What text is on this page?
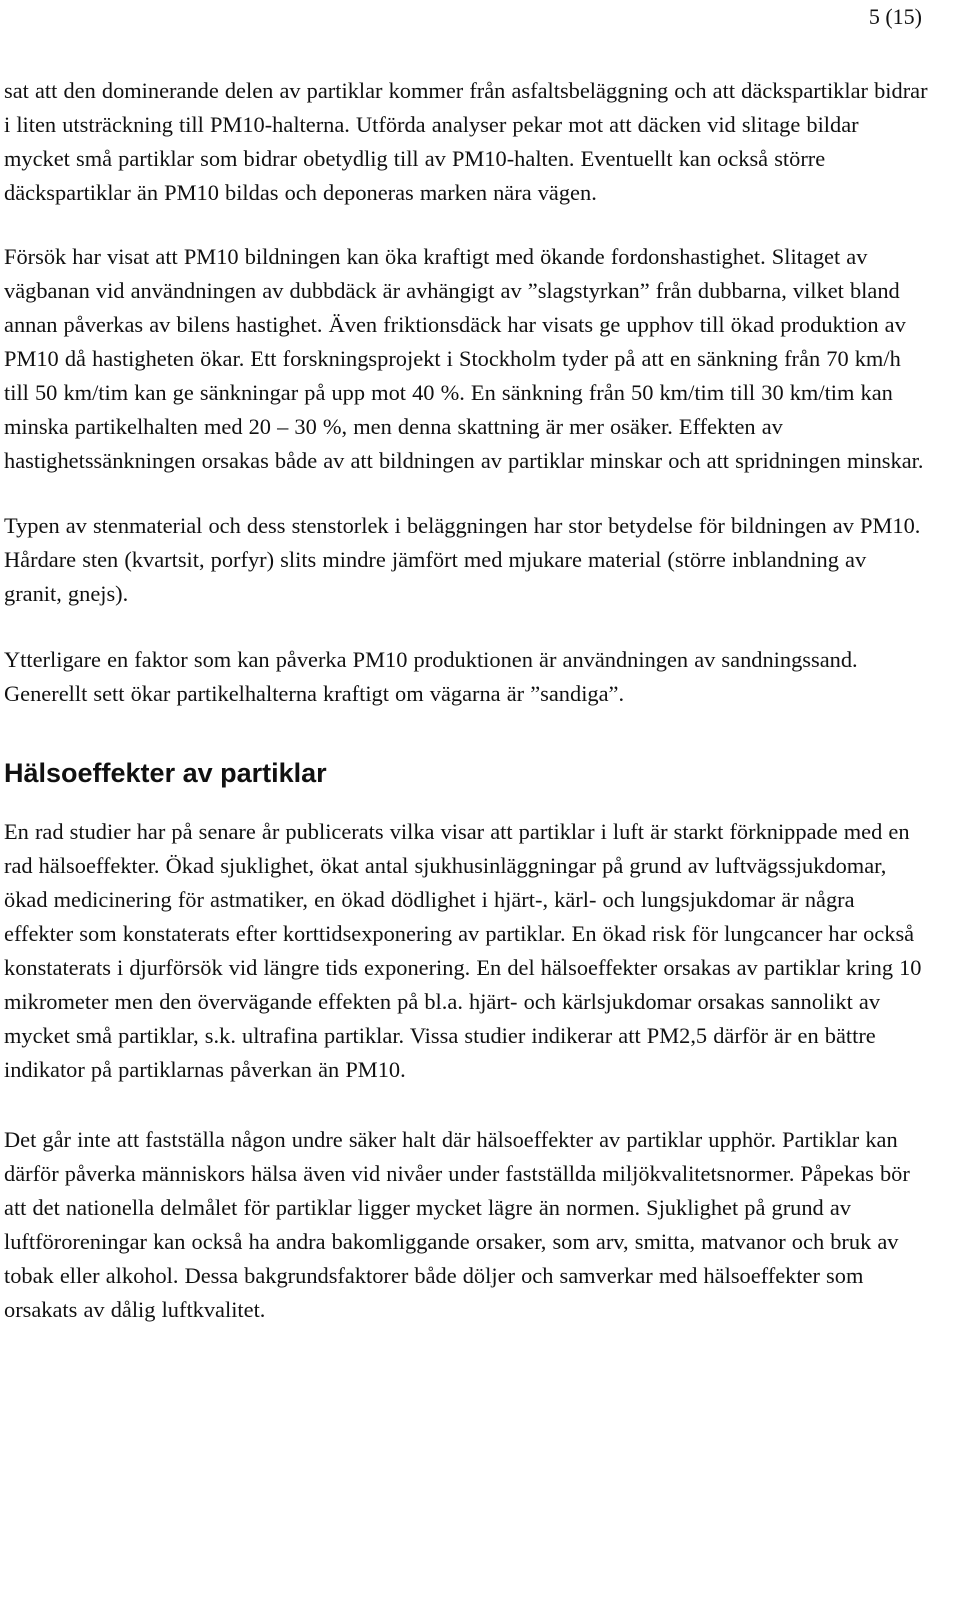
5 (15)

sat att den dominerande delen av partiklar kommer från asfaltsbeläggning och att däckspartiklar bidrar i liten utsträckning till PM10-halterna. Utförda analyser pekar mot att däcken vid slitage bildar mycket små partiklar som bidrar obetydlig till av PM10-halten. Eventuellt kan också större däckspartiklar än PM10 bildas och deponeras marken nära vägen.

Försök har visat att PM10 bildningen kan öka kraftigt med ökande fordonshastighet. Slitaget av vägbanan vid användningen av dubbdäck är avhängigt av ”slagstyrkan” från dubbarna, vilket bland annan påverkas av bilens hastighet. Även friktionsdäck har visats ge upphov till ökad produktion av PM10 då hastigheten ökar. Ett forskningsprojekt i Stockholm tyder på att en sänkning från 70 km/h till 50 km/tim kan ge sänkningar på upp mot 40 %. En sänkning från 50 km/tim till 30 km/tim kan minska partikelhalten med 20 – 30 %, men denna skattning är mer osäker. Effekten av hastighetssänkningen orsakas både av att bildningen av partiklar minskar och att spridningen minskar.

Typen av stenmaterial och dess stenstorlek i beläggningen har stor betydelse för bildningen av PM10. Hårdare sten (kvartsit, porfyr) slits mindre jämfört med mjukare material (större inblandning av granit, gnejs).

Ytterligare en faktor som kan påverka PM10 produktionen är användningen av sandningssand. Generellt sett ökar partikelhalterna kraftigt om vägarna är ”sandiga”.

Hälsoeffekter av partiklar

En rad studier har på senare år publicerats vilka visar att partiklar i luft är starkt förknippade med en rad hälsoeffekter. Ökad sjuklighet, ökat antal sjukhusinläggningar på grund av luftvägssjukdomar, ökad medicinering för astmatiker, en ökad dödlighet i hjärt-, kärl- och lungsjukdomar är några effekter som konstaterats efter korttidsexponering av partiklar. En ökad risk för lungcancer har också konstaterats i djurförsök vid längre tids exponering. En del hälsoeffekter orsakas av partiklar kring 10 mikrometer men den övervägande effekten på bl.a. hjärt- och kärlsjukdomar orsakas sannolikt av mycket små partiklar, s.k. ultrafina partiklar. Vissa studier indikerar att PM2,5 därför är en bättre indikator på partiklarnas påverkan än PM10.

Det går inte att fastställa någon undre säker halt där hälsoeffekter av partiklar upphör. Partiklar kan därför påverka människors hälsa även vid nivåer under fastställda miljökvalitetsnormer. Påpekas bör att det nationella delmålet för partiklar ligger mycket lägre än normen. Sjuklighet på grund av luftföroreningar kan också ha andra bakomliggande orsaker, som arv, smitta, matvanor och bruk av tobak eller alkohol. Dessa bakgrundsfaktorer både döljer och samverkar med hälsoeffekter som orsakats av dålig luftkvalitet.
